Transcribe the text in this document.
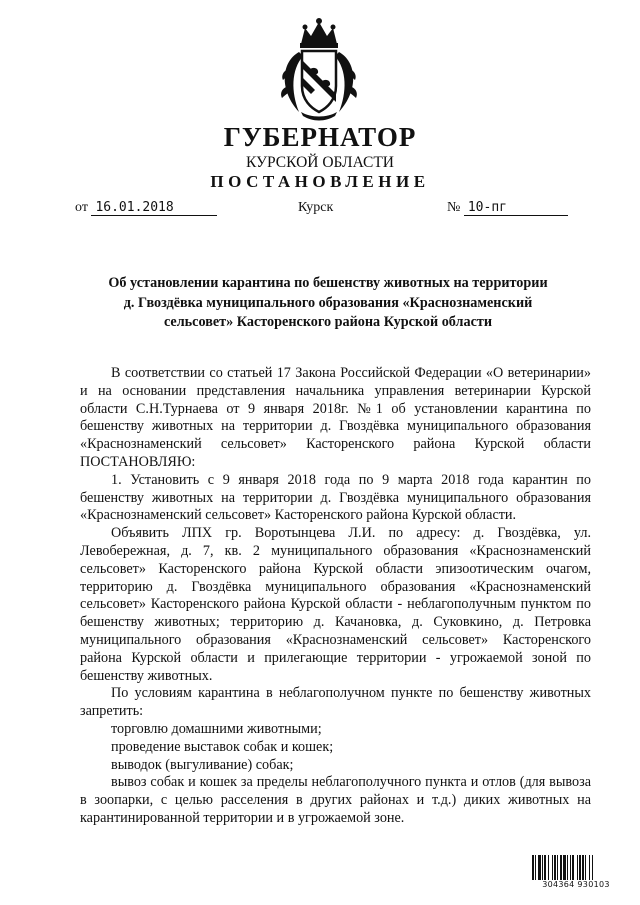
ГУБЕРНАТОР
КУРСКОЙ ОБЛАСТИ
ПОСТАНОВЛЕНИЕ
от 16.01.2018	Курск	№ 10-пг
Об установлении карантина по бешенству животных на территории
д. Гвоздёвка муниципального образования «Краснознаменский
сельсовет» Касторенского района Курской области

В соответствии со статьей 17 Закона Российской Федерации «О ветеринарии» и на основании представления начальника управления ветеринарии Курской области С.Н.Турнаева от 9 января 2018г. №1 об установлении карантина по бешенству животных на территории д. Гвоздёвка муниципального образования «Краснознаменский сельсовет» Касторенского района Курской области ПОСТАНОВЛЯЮ:

1. Установить с 9 января 2018 года по 9 марта 2018 года карантин по бешенству животных на территории д. Гвоздёвка муниципального образования «Краснознаменский сельсовет» Касторенского района Курской области.

Объявить ЛПХ гр. Воротынцева Л.И. по адресу: д. Гвоздёвка, ул. Левобережная, д. 7, кв. 2 муниципального образования «Краснознаменский сельсовет» Касторенского района Курской области эпизоотическим очагом, территорию д. Гвоздёвка муниципального образования «Краснознаменский сельсовет» Касторенского района Курской области - неблагополучным пунктом по бешенству животных; территорию д. Качановка, д. Суковкино, д. Петровка муниципального образования «Краснознаменский сельсовет» Касторенского района Курской области и прилегающие территории - угрожаемой зоной по бешенству животных.

По условиям карантина в неблагополучном пункте по бешенству животных запретить:

торговлю домашними животными;

проведение выставок собак и кошек;

выводок (выгуливание) собак;

вывоз собак и кошек за пределы неблагополучного пункта и отлов (для вывоза в зоопарки, с целью расселения в других районах и т.д.) диких животных на карантинированной территории и в угрожаемой зоне.

304364 930103
